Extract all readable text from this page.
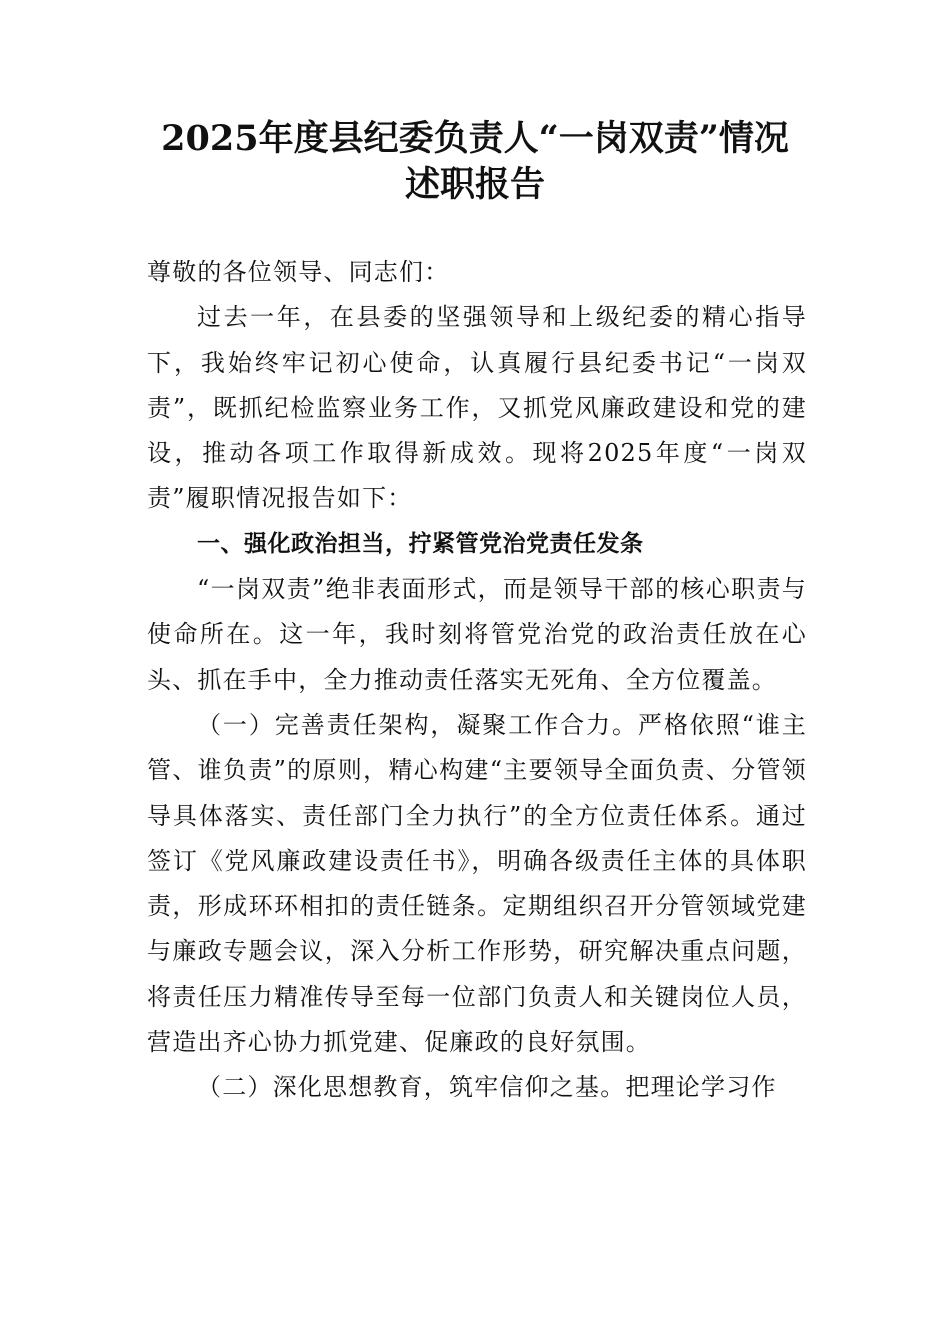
2025年度县纪委负责人“一岗双责”情况
述职报告

尊敬的各位领导、同志们：

过去一年，在县委的坚强领导和上级纪委的精心指导下，我始终牢记初心使命，认真履行县纪委书记“一岗双责”，既抓纪检监察业务工作，又抓党风廉政建设和党的建设，推动各项工作取得新成效。现将2025年度“一岗双责”履职情况报告如下：

一、强化政治担当，拧紧管党治党责任发条

“一岗双责”绝非表面形式，而是领导干部的核心职责与使命所在。这一年，我时刻将管党治党的政治责任放在心头、抓在手中，全力推动责任落实无死角、全方位覆盖。

（一）完善责任架构，凝聚工作合力。严格依照“谁主管、谁负责”的原则，精心构建“主要领导全面负责、分管领导具体落实、责任部门全力执行”的全方位责任体系。通过签订《党风廉政建设责任书》，明确各级责任主体的具体职责，形成环环相扣的责任链条。定期组织召开分管领域党建与廉政专题会议，深入分析工作形势，研究解决重点问题，将责任压力精准传导至每一位部门负责人和关键岗位人员，营造出齐心协力抓党建、促廉政的良好氛围。

（二）深化思想教育，筑牢信仰之基。把理论学习作
